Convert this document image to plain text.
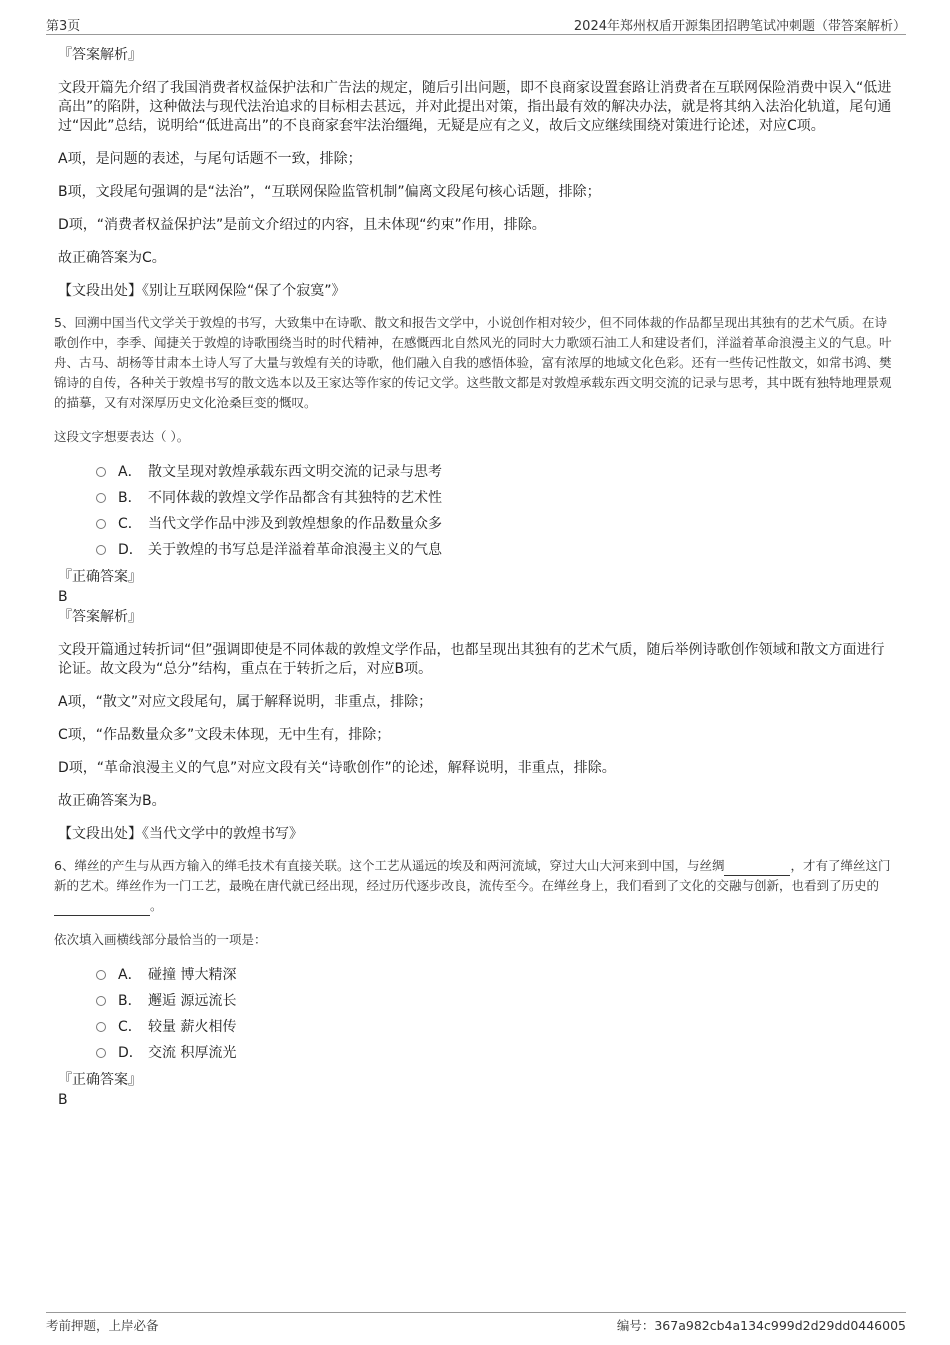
第3页	2024年郑州权盾开源集团招聘笔试冲刺题（带答案解析）
『答案解析』

文段开篇先介绍了我国消费者权益保护法和广告法的规定，随后引出问题，即不良商家设置套路让消费者在互联网保险消费中误入“低进高出”的陷阱，这种做法与现代法治追求的目标相去甚远，并对此提出对策，指出最有效的解决办法，就是将其纳入法治化轨道，尾句通过“因此”总结，说明给“低进高出”的不良商家套牢法治缰绳，无疑是应有之义，故后文应继续围绕对策进行论述，对应C项。

A项，是问题的表述，与尾句话题不一致，排除；

B项，文段尾句强调的是“法治”，“互联网保险监管机制”偏离文段尾句核心话题，排除；

D项，“消费者权益保护法”是前文介绍过的内容，且未体现“约束”作用，排除。

故正确答案为C。

【文段出处】《别让互联网保险“保了个寂寞”》

5、回溯中国当代文学关于敦煌的书写，大致集中在诗歌、散文和报告文学中，小说创作相对较少，但不同体裁的作品都呈现出其独有的艺术气质。在诗歌创作中，李季、闻捷关于敦煌的诗歌围绕当时的时代精神，在感慨西北自然风光的同时大力歌颂石油工人和建设者们，洋溢着革命浪漫主义的气息。叶舟、古马、胡杨等甘肃本土诗人写了大量与敦煌有关的诗歌，他们融入自我的感悟体验，富有浓厚的地域文化色彩。还有一些传记性散文，如常书鸿、樊锦诗的自传，各种关于敦煌书写的散文选本以及王家达等作家的传记文学。这些散文都是对敦煌承载东西文明交流的记录与思考，其中既有独特地理景观的描摹，又有对深厚历史文化沧桑巨变的慨叹。

这段文字想要表达（ ）。

A． 散文呈现对敦煌承载东西文明交流的记录与思考
B． 不同体裁的敦煌文学作品都含有其独特的艺术性
C． 当代文学作品中涉及到敦煌想象的作品数量众多
D． 关于敦煌的书写总是洋溢着革命浪漫主义的气息
『正确答案』
B
『答案解析』

文段开篇通过转折词“但”强调即使是不同体裁的敦煌文学作品，也都呈现出其独有的艺术气质，随后举例诗歌创作领域和散文方面进行论证。故文段为“总分”结构，重点在于转折之后，对应B项。

A项，“散文”对应文段尾句，属于解释说明，非重点，排除；

C项，“作品数量众多”文段未体现，无中生有，排除；

D项，“革命浪漫主义的气息”对应文段有关“诗歌创作”的论述，解释说明，非重点，排除。

故正确答案为B。

【文段出处】《当代文学中的敦煌书写》

6、缂丝的产生与从西方输入的缂毛技术有直接关联。这个工艺从遥远的埃及和两河流域，穿过大山大河来到中国，与丝绸	，才有了缂丝这门新的艺术。缂丝作为一门工艺，最晚在唐代就已经出现，经过历代逐步改良，流传至今。在缂丝身上，我们看到了文化的交融与创新，也看到了历史的。

依次填入画横线部分最恰当的一项是：

A． 碰撞 博大精深
B． 邂逅 源远流长
C． 较量 薪火相传
D． 交流 积厚流光
『正确答案』
B
考前押题，上岸必备	编号：367a982cb4a134c999d2d29dd0446005
